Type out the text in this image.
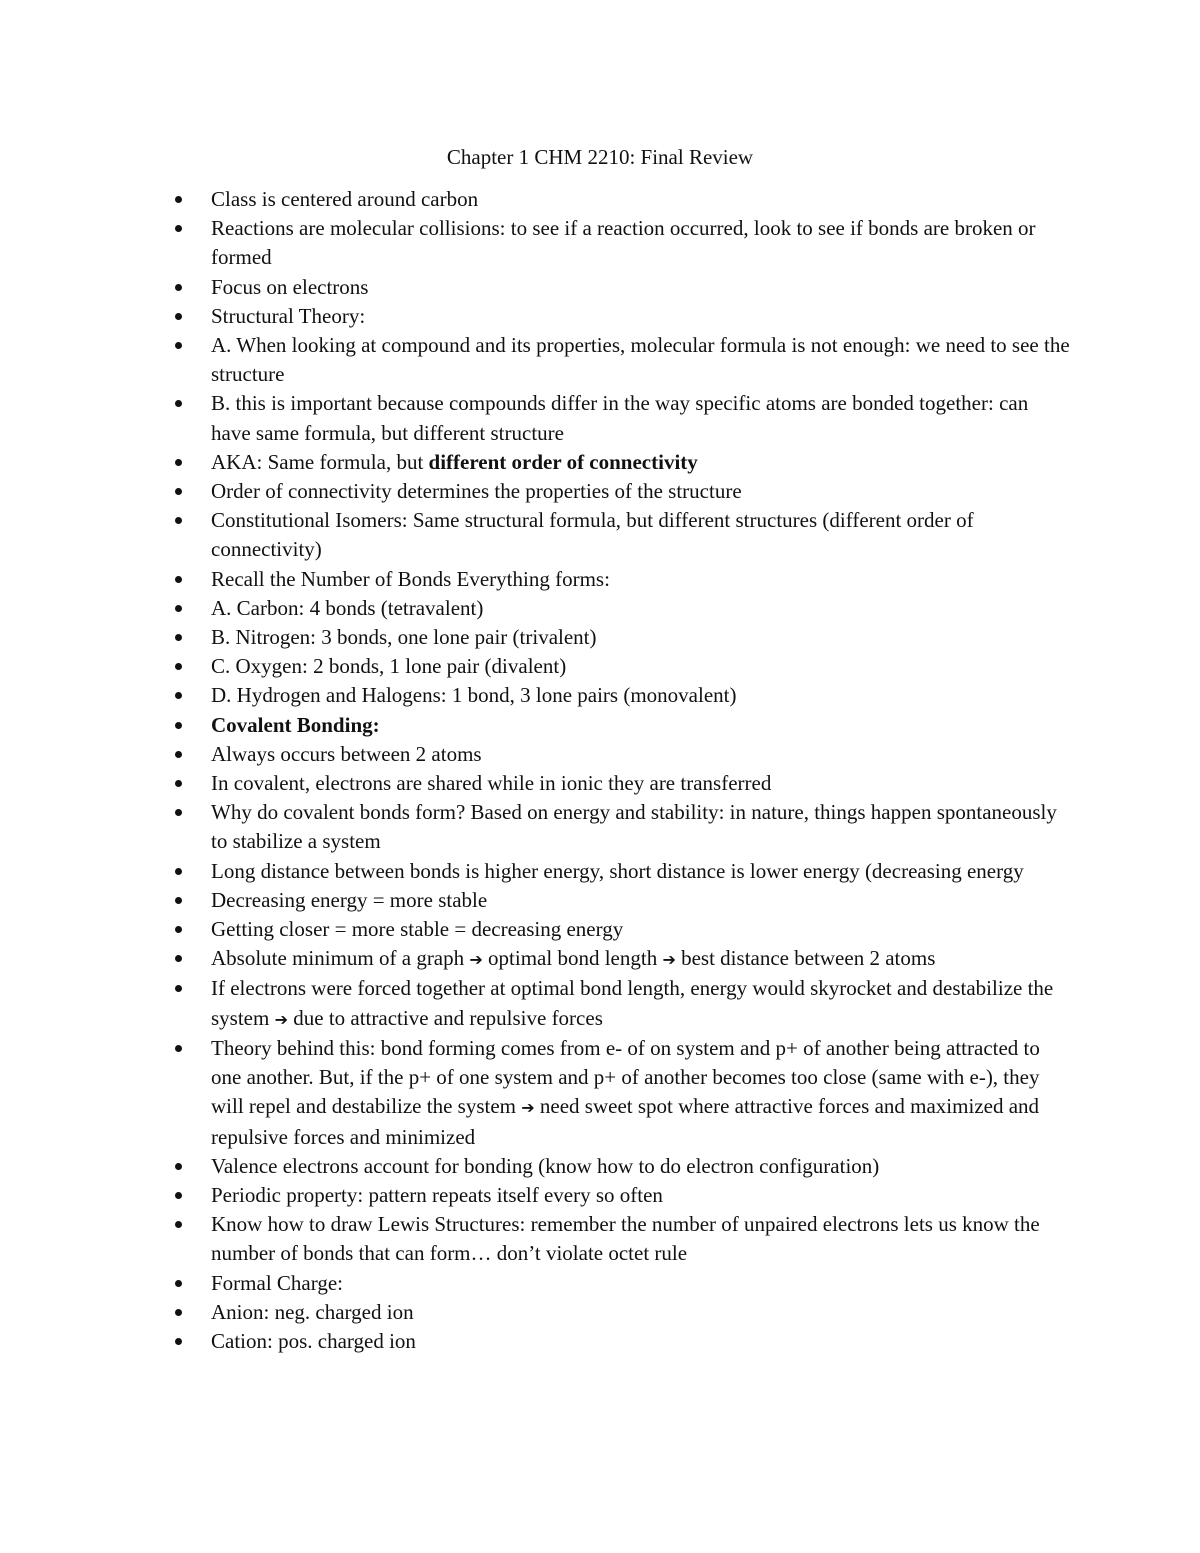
Chapter 1 CHM 2210: Final Review
Class is centered around carbon
Reactions are molecular collisions: to see if a reaction occurred, look to see if bonds are broken or formed
Focus on electrons
Structural Theory:
A. When looking at compound and its properties, molecular formula is not enough: we need to see the structure
B. this is important because compounds differ in the way specific atoms are bonded together: can have same formula, but different structure
AKA: Same formula, but different order of connectivity
Order of connectivity determines the properties of the structure
Constitutional Isomers: Same structural formula, but different structures (different order of connectivity)
Recall the Number of Bonds Everything forms:
A. Carbon: 4 bonds (tetravalent)
B. Nitrogen: 3 bonds, one lone pair (trivalent)
C. Oxygen: 2 bonds, 1 lone pair (divalent)
D. Hydrogen and Halogens: 1 bond, 3 lone pairs (monovalent)
Covalent Bonding:
Always occurs between 2 atoms
In covalent, electrons are shared while in ionic they are transferred
Why do covalent bonds form? Based on energy and stability: in nature, things happen spontaneously to stabilize a system
Long distance between bonds is higher energy, short distance is lower energy (decreasing energy
Decreasing energy = more stable
Getting closer = more stable = decreasing energy
Absolute minimum of a graph ➔ optimal bond length ➔ best distance between 2 atoms
If electrons were forced together at optimal bond length, energy would skyrocket and destabilize the system ➔ due to attractive and repulsive forces
Theory behind this: bond forming comes from e- of on system and p+ of another being attracted to one another. But, if the p+ of one system and p+ of another becomes too close (same with e-), they will repel and destabilize the system ➔ need sweet spot where attractive forces and maximized and repulsive forces and minimized
Valence electrons account for bonding (know how to do electron configuration)
Periodic property: pattern repeats itself every so often
Know how to draw Lewis Structures: remember the number of unpaired electrons lets us know the number of bonds that can form… don’t violate octet rule
Formal Charge:
Anion: neg. charged ion
Cation: pos. charged ion
